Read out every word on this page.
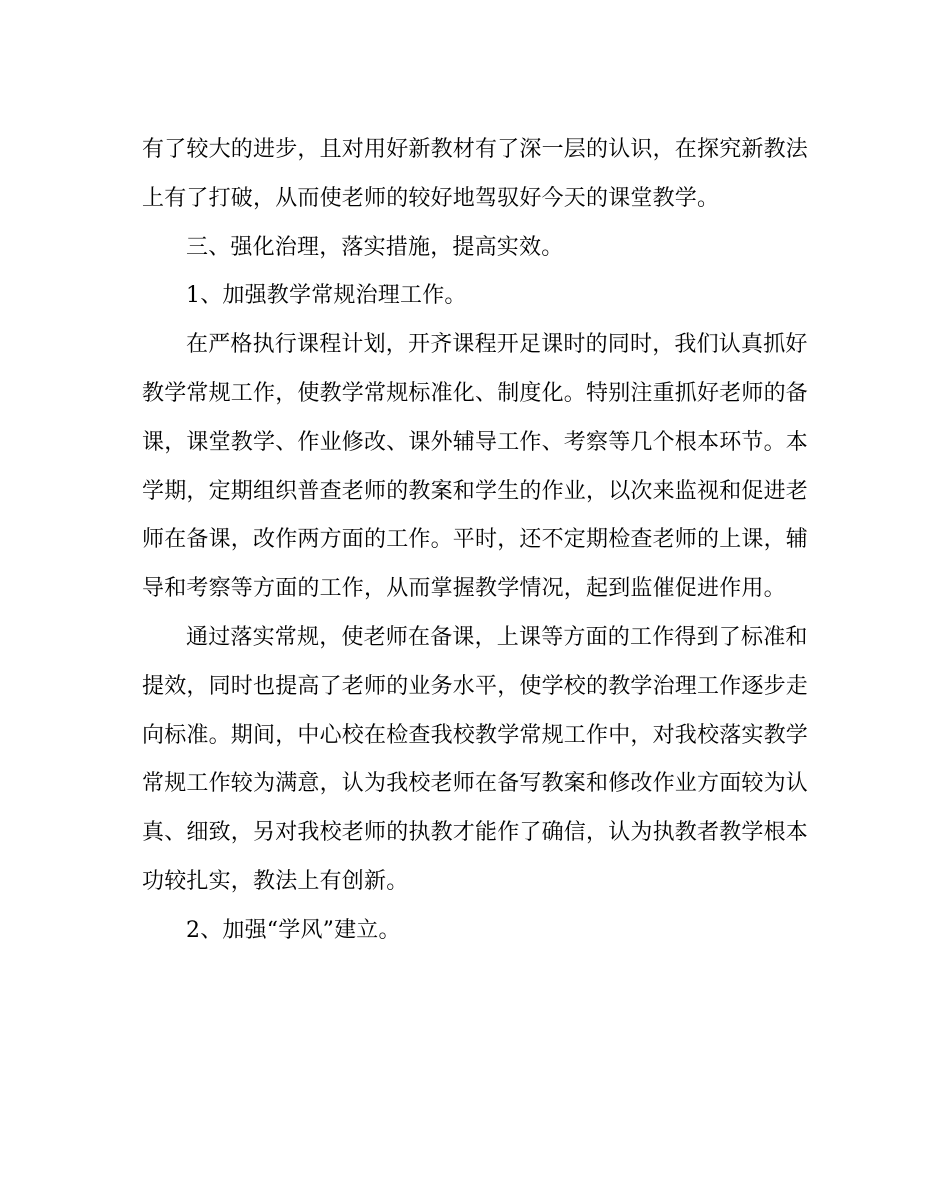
有了较大的进步，且对用好新教材有了深一层的认识，在探究新教法
上有了打破，从而使老师的较好地驾驭好今天的课堂教学。
三、强化治理，落实措施，提高实效。
1、加强教学常规治理工作。
在严格执行课程计划，开齐课程开足课时的同时，我们认真抓好
教学常规工作，使教学常规标准化、制度化。特别注重抓好老师的备
课，课堂教学、作业修改、课外辅导工作、考察等几个根本环节。本
学期，定期组织普查老师的教案和学生的作业，以次来监视和促进老
师在备课，改作两方面的工作。平时，还不定期检查老师的上课，辅
导和考察等方面的工作，从而掌握教学情况，起到监催促进作用。
通过落实常规，使老师在备课，上课等方面的工作得到了标准和
提效，同时也提高了老师的业务水平，使学校的教学治理工作逐步走
向标准。期间，中心校在检查我校教学常规工作中，对我校落实教学
常规工作较为满意，认为我校老师在备写教案和修改作业方面较为认
真、细致，另对我校老师的执教才能作了确信，认为执教者教学根本
功较扎实，教法上有创新。
2、加强“学风”建立。
